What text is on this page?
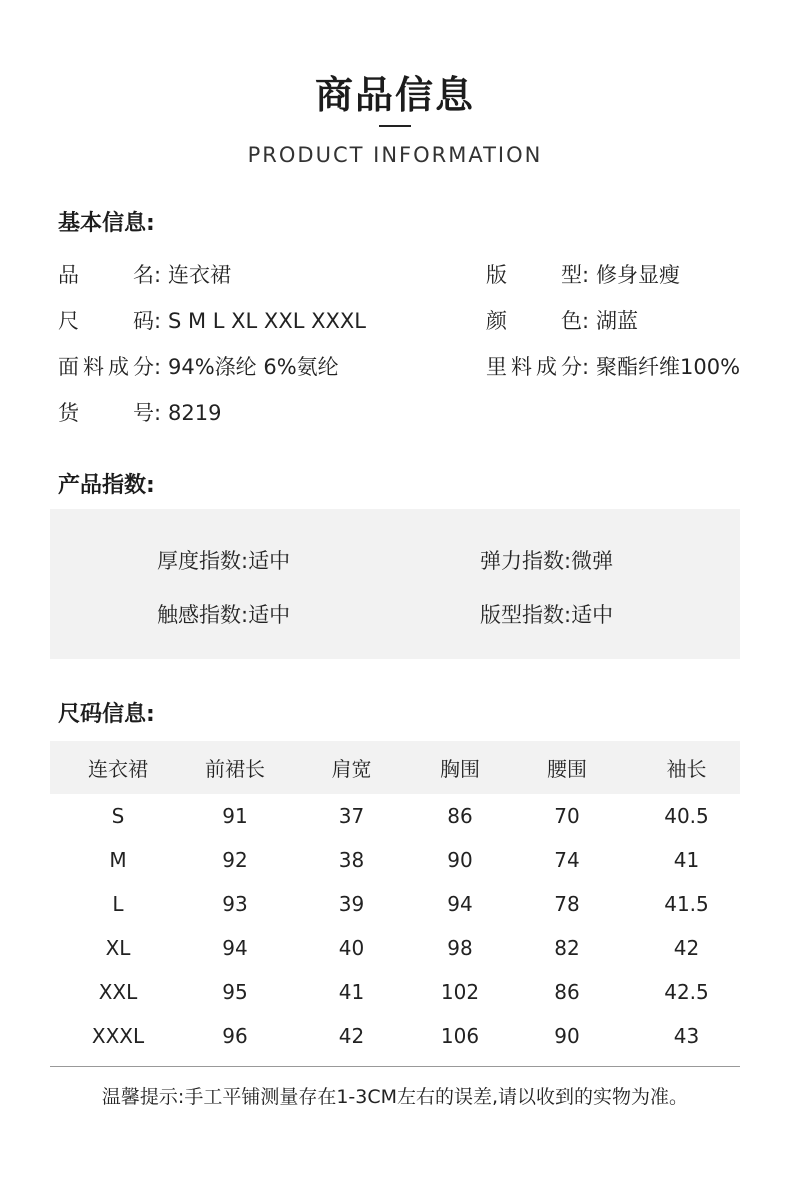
商品信息
PRODUCT INFORMATION
基本信息:
品名: 连衣裙	版型: 修身显瘦
尺码: S M L XL XXL XXXL	颜色: 湖蓝
面料成分: 94%涤纶 6%氨纶	里料成分: 聚酯纤维100%
货号: 8219
产品指数:
厚度指数:适中	弹力指数:微弹
触感指数:适中	版型指数:适中
尺码信息:
连衣裙	前裙长	肩宽	胸围	腰围	袖长
S	91	37	86	70	40.5
M	92	38	90	74	41
L	93	39	94	78	41.5
XL	94	40	98	82	42
XXL	95	41	102	86	42.5
XXXL	96	42	106	90	43
温馨提示:手工平铺测量存在1-3CM左右的误差,请以收到的实物为准。
